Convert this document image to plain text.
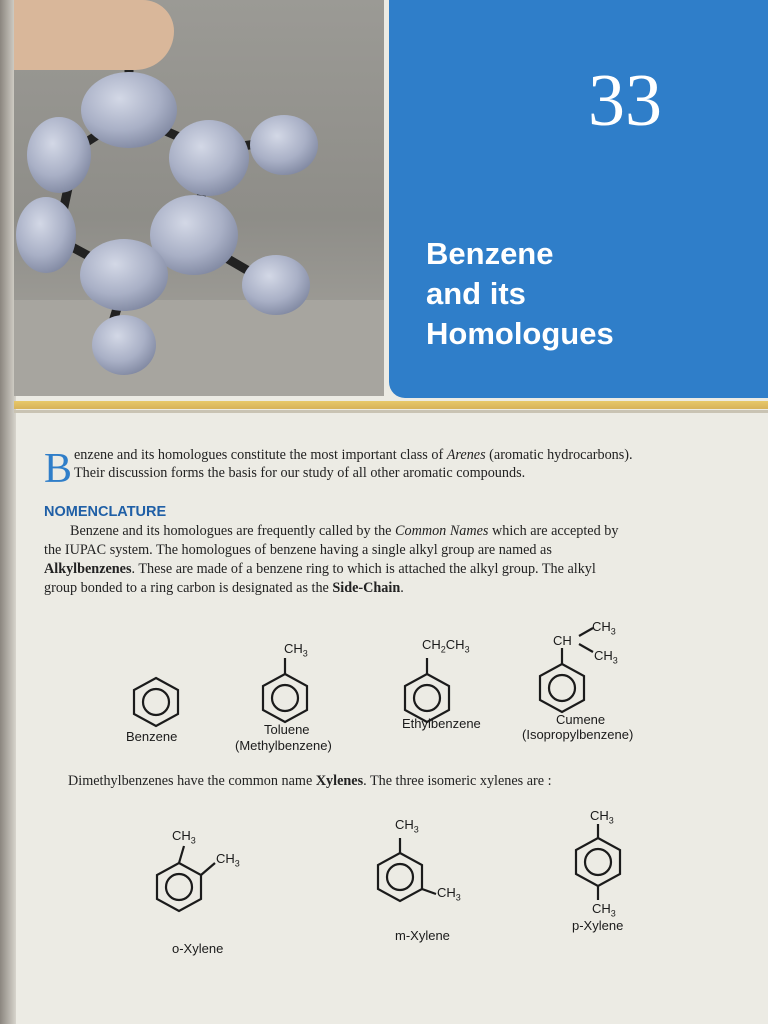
33
Benzene
and its
Homologues
B enzene and its homologues constitute the most important class of Arenes (aromatic hydrocarbons).
Their discussion forms the basis for our study of all other aromatic compounds.
NOMENCLATURE
Benzene and its homologues are frequently called by the Common Names which are accepted by
the IUPAC system. The homologues of benzene having a single alkyl group are named as
Alkylbenzenes. These are made of a benzene ring to which is attached the alkyl group. The alkyl
group bonded to a ring carbon is designated as the Side-Chain.
$CH_3$
$CH_2CH_3$
$CH_3$
CH
$CH_3$
Benzene	Toluene
(Methylbenzene)
Ethylbenzene	Cumene
(Isopropylbenzene)
Dimethylbenzenes have the common name Xylenes. The three isomeric xylenes are :
$CH_3$
$CH_3$
o-Xylene
$CH_3$
$CH_3$
m-Xylene
$CH_3$
$CH_3$
p-Xylene
